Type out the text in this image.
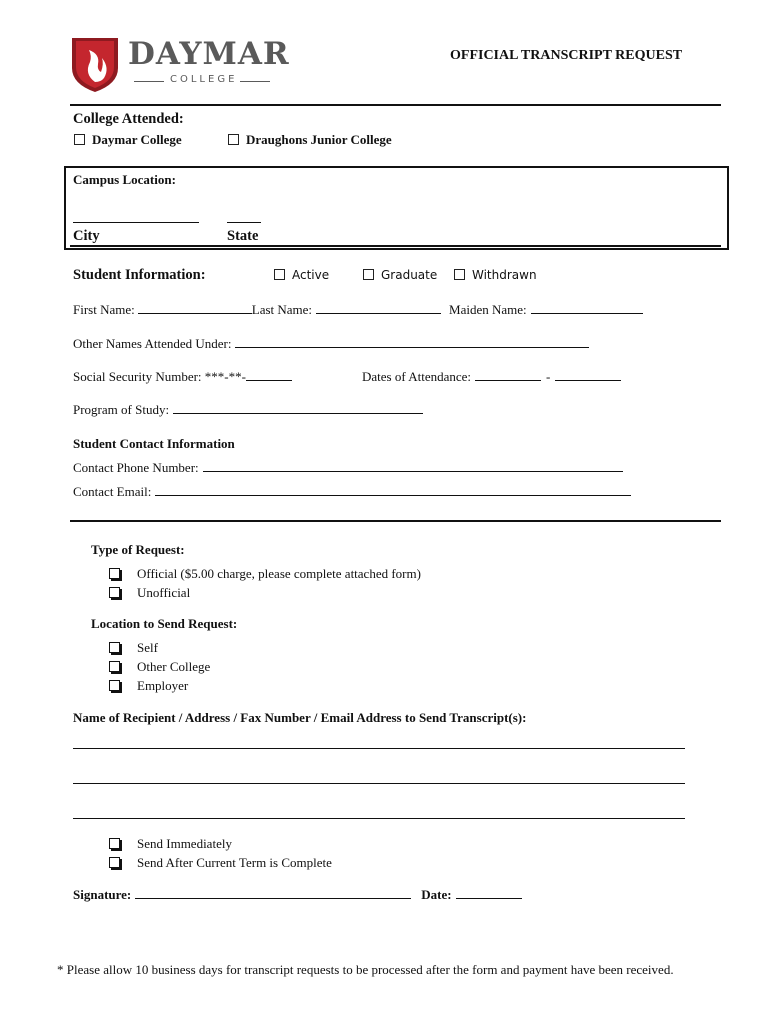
DAYMAR
COLLEGE
OFFICIAL TRANSCRIPT REQUEST
College Attended:
Daymar College	Draughons Junior College
Campus Location:
City	State
Student Information:	Active	Graduate	Withdrawn
First Name:	Last Name:	Maiden Name:
Other Names Attended Under:
Social Security Number: ***-**-	Dates of Attendance:	-
Program of Study:
Student Contact Information
Contact Phone Number:
Contact Email:
Type of Request:
Official ($5.00 charge, please complete attached form)
Unofficial
Location to Send Request:
Self
Other College
Employer
Name of Recipient / Address / Fax Number / Email Address to Send Transcript(s):
Send Immediately
Send After Current Term is Complete
Signature:	Date:
* Please allow 10 business days for transcript requests to be processed after the form and payment have been received.
